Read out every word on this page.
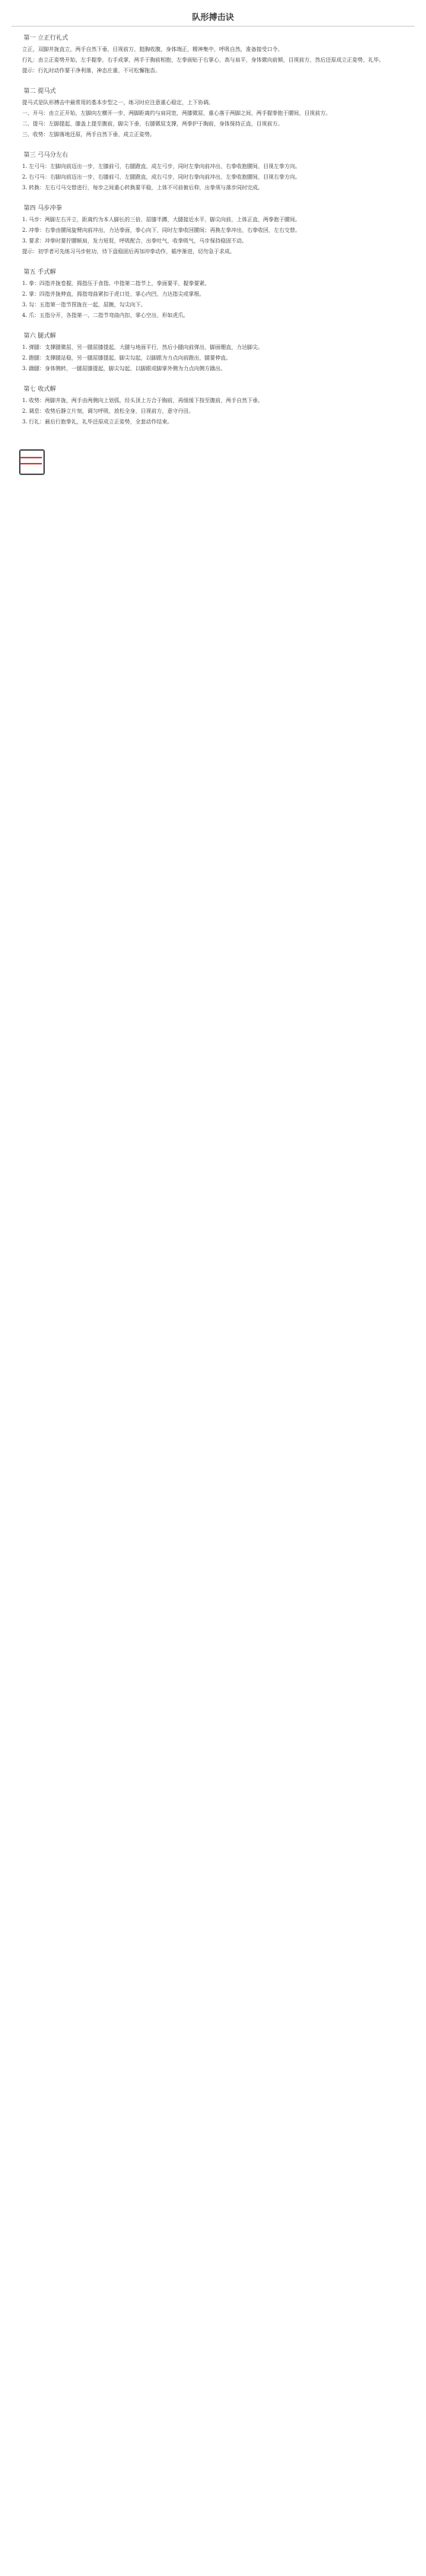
队形搏击诀
第一 立正行礼式
立正，双脚并拢直立，两手自然下垂，目视前方，挺胸收腹，身体端正，精神集中，呼吸自然，准备接受口令。
行礼：由立正姿势开始，左手握拳，右手成掌，两手于胸前相抱，左拳面贴于右掌心，高与肩平，身体微向前倾，目视前方，然后还原成立正姿势，礼毕。
提示：行礼时动作要干净利落，神态庄重，不可松懈拖沓。
第二 提马式
提马式是队形搏击中最常用的基本步型之一，练习时应注意重心稳定，上下协调。
一、开马：由立正开始，左脚向左横开一步，两脚距离约与肩同宽，两膝微屈，重心落于两脚之间，两手握拳抱于腰间，目视前方。
二、提马：左脚提起，膝盖上提至腹前，脚尖下垂，右腿微屈支撑，两拳护于胸前，身体保持正直，目视前方。
三、收势：左脚落地还原，两手自然下垂，成立正姿势。
第三 弓马分左右
1. 左弓马：左脚向前迈出一步，左膝前弓，右腿蹬直，成左弓步，同时左拳向前冲出，右拳收抱腰间，目视左拳方向。
2. 右弓马：右脚向前迈出一步，右膝前弓，左腿蹬直，成右弓步，同时右拳向前冲出，左拳收抱腰间，目视右拳方向。
3. 转换：左右弓马交替进行，每步之间重心转换要平稳，上体不可前俯后仰，出拳须与落步同时完成。
第四 马步冲拳
1. 马步：两脚左右开立，距离约为本人脚长的三倍，屈膝半蹲，大腿接近水平，脚尖向前，上体正直，两拳抱于腰间。
2. 冲拳：右拳由腰间旋臂向前冲出，力达拳面，拳心向下，同时左拳收回腰间；再换左拳冲出，右拳收回，左右交替。
3. 要求：冲拳时要拧腰顺肩，发力短促，呼吸配合，出拳吐气，收拳吸气，马步保持稳固不动。
提示：初学者可先练习马步桩功，待下盘稳固后再加冲拳动作，循序渐进，切勿急于求成。
第五 手式解
1. 拳：四指并拢卷握，拇指压于食指、中指第二指节上，拳面要平，握拳要紧。
2. 掌：四指并拢伸直，拇指弯曲紧扣于虎口处，掌心内凹，力达指尖或掌根。
3. 勾：五指第一指节捏拢在一起，屈腕，勾尖向下。
4. 爪：五指分开，各指第一、二指节弯曲内扣，掌心空出，形如虎爪。
第六 腿式解
1. 弹腿：支撑腿微屈，另一腿屈膝提起，大腿与地面平行，然后小腿向前弹出，脚面绷直，力达脚尖。
2. 蹬腿：支撑腿站稳，另一腿屈膝提起，脚尖勾起，以脚跟为力点向前蹬出，腿要伸直。
3. 踹腿：身体侧转，一腿屈膝提起，脚尖勾起，以脚跟或脚掌外侧为力点向侧方踹出。
第七 收式解
1. 收势：两脚并拢，两手由两侧向上划弧，经头顶上方合于胸前，再缓缓下按至腹前，两手自然下垂。
2. 调息：收势后静立片刻，调匀呼吸，放松全身，目视前方，意守丹田。
3. 行礼：最后行抱拳礼，礼毕还原成立正姿势，全套动作结束。
